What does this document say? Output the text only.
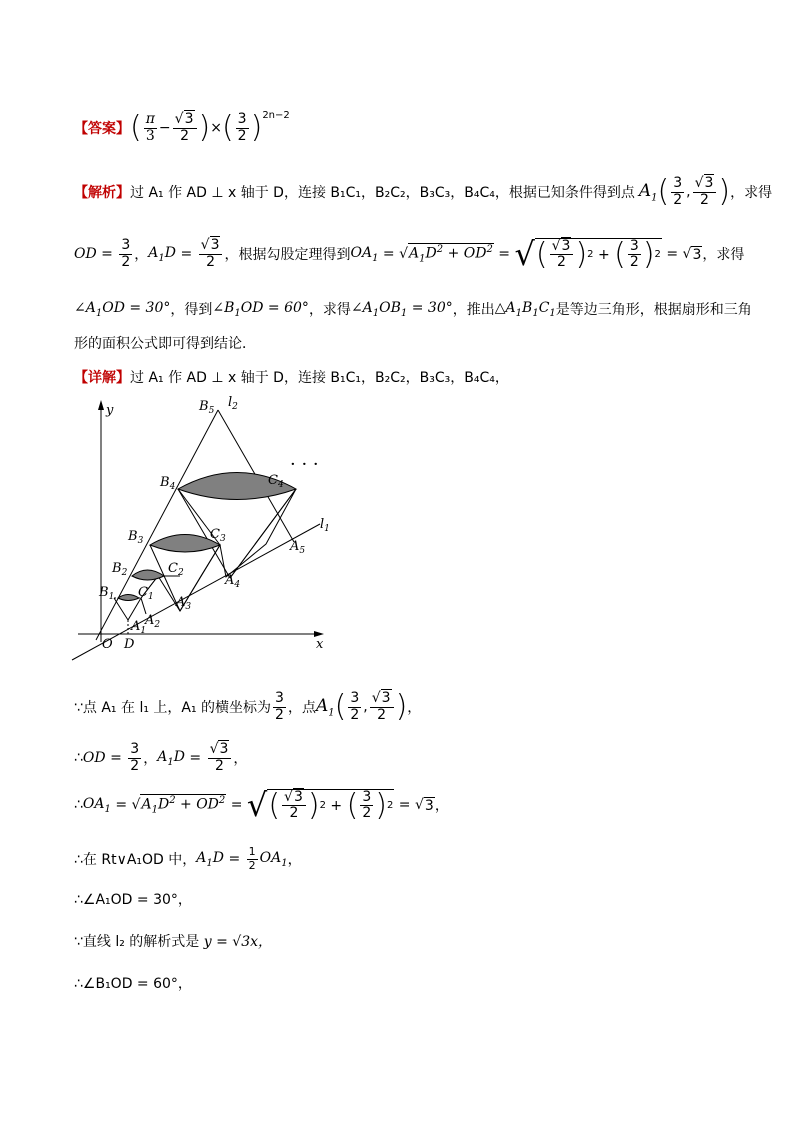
【答案】 ( $\frac{\pi}{3} - \frac{√3}{2}$ ) × ( $\frac{3}{2} )^{2n-2}$
【解析】 过 A₁ 作 AD ⊥ x 轴于 D，连接 B₁C₁，B₂C₂，B₃C₃，B₄C₄，根据已知条件得到点 $A_1$ ( $\frac{3}{2}$ , $\frac{√3}{2}$ ) ，求得
OD = $\frac{3}{2}$ ， $A_1D = \frac{√3}{2}$ ，根据勾股定理得到 $OA_1$ = √ $A_1D^2 + OD^2$ = √ ( $\frac{√3}{2}$ ) 2 + ( $\frac{3}{2}$ ) 2 = √ 3 ，求得
$\angle A_1OD = 30^\circ$ ，得到 $\angle B_1OD = 60^\circ$ ，求得 $\angle A_1OB_1 = 30^\circ$ ，推出 $\triangle A_1B_1C_1$ 是等边三角形，根据扇形和三角
形的面积公式即可得到结论．
【详解】 过 A₁ 作 AD ⊥ x 轴于 D，连接 B₁C₁，B₂C₂，B₃C₃，B₄C₄，
y
x
O D
$l_1$
$l_2$
$A_1$
$A_2$
$A_3$
$A_4$
$A_5$
$B_1$
$B_2$
$B_3$
$B_4$
$B_5$
$C_1$
$C_2$
$C_3$
$C_4$
· · ·
∵点 A₁ 在 l₁ 上，A₁ 的横坐标为 $\frac{3}{2}$ ，点 $A_1$ ( $\frac{3}{2}$ , $\frac{√3}{2}$ ) ，
∴ OD = $\frac{3}{2}$ ， $A_1D = \frac{√3}{2}$ ，
∴ $OA_1$ = √ $A_1D^2 + OD^2$ = √ ( $\frac{√3}{2}$ ) 2 + ( $\frac{3}{2}$ ) 2 = √ 3 ，
∴在 Rt∨A₁OD 中， $A_1D = \frac{1}{2} OA_1$ ，
∴∠A₁OD = 30°，
∵直线 l₂ 的解析式是
y = √3x，
∴∠B₁OD = 60°，
